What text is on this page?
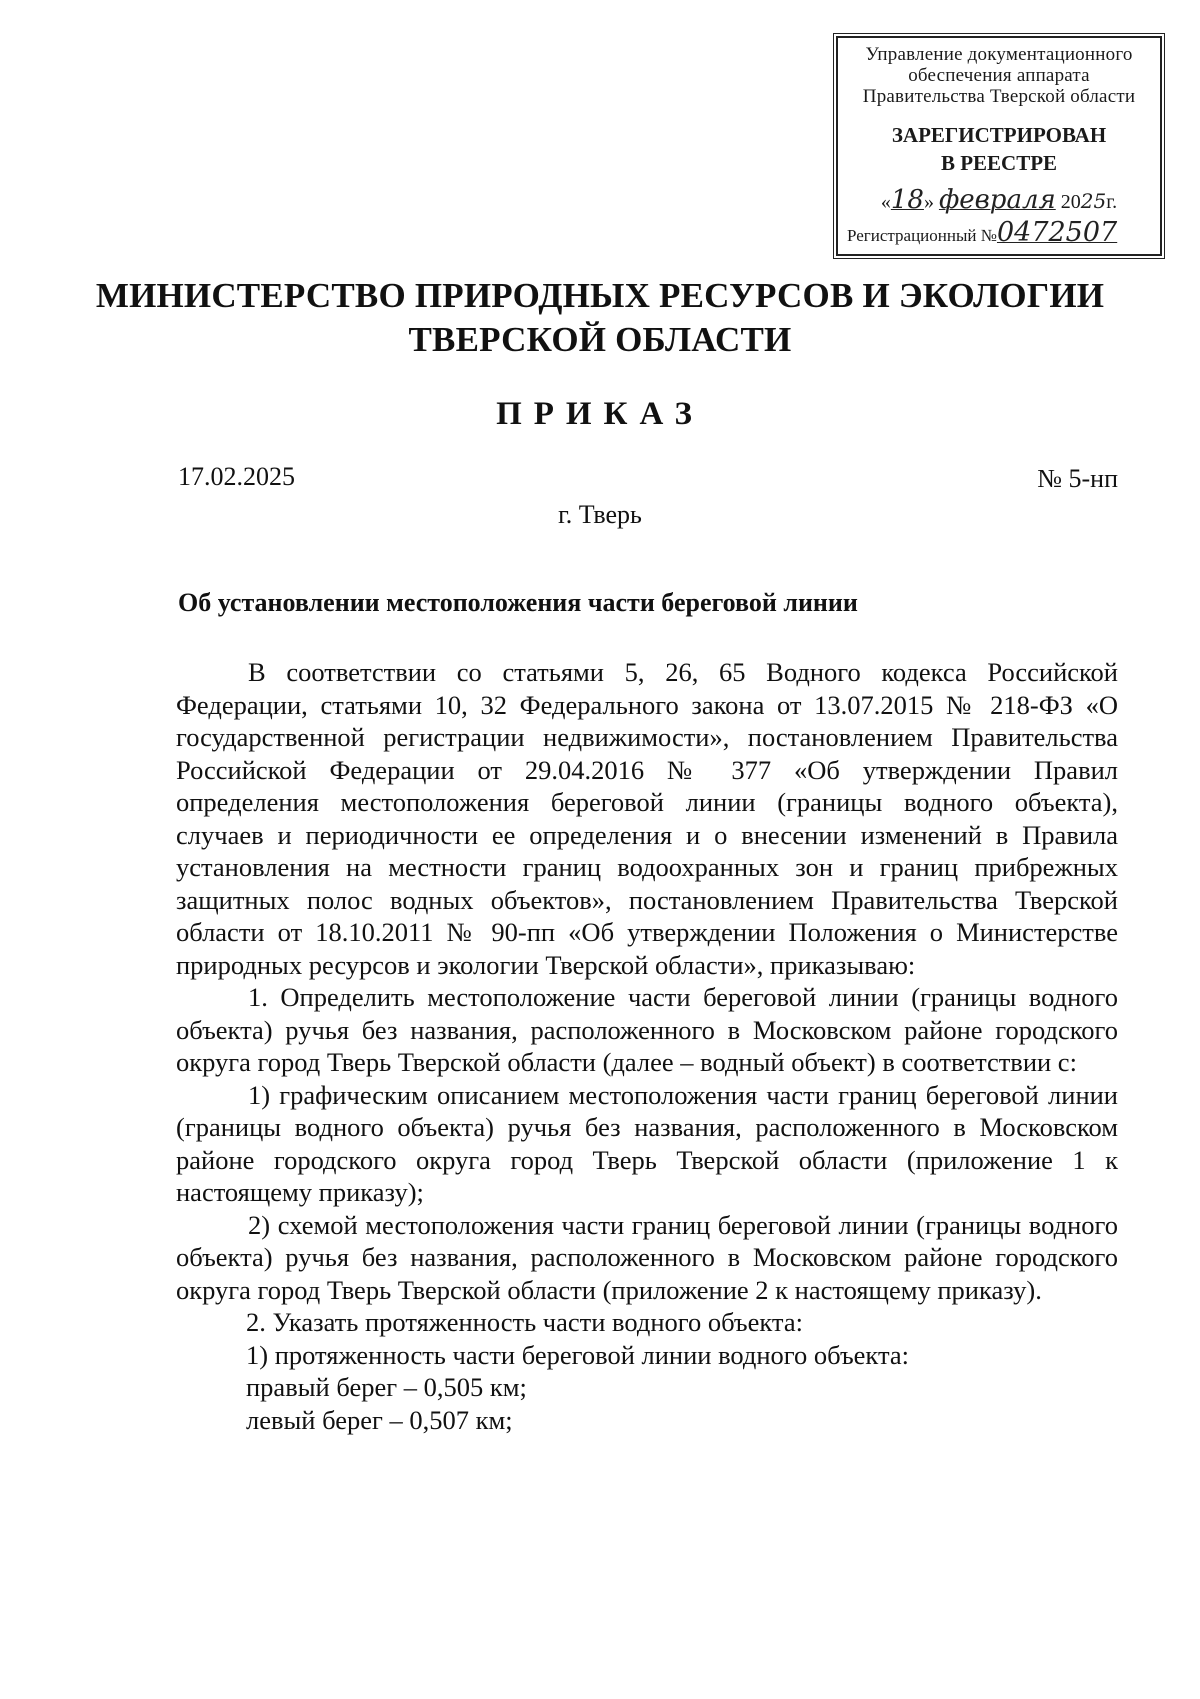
Управление документационного
обеспечения аппарата
Правительства Тверской области
ЗАРЕГИСТРИРОВАН
В РЕЕСТРЕ
«18» февраля 2025г.
Регистрационный №0472507
МИНИСТЕРСТВО ПРИРОДНЫХ РЕСУРСОВ И ЭКОЛОГИИ
ТВЕРСКОЙ ОБЛАСТИ
ПРИКАЗ
17.02.2025	№ 5-нп
г. Тверь
Об установлении местоположения части береговой линии

В соответствии со статьями 5, 26, 65 Водного кодекса Российской Федерации, статьями 10, 32 Федерального закона от 13.07.2015 № 218-ФЗ «О государственной регистрации недвижимости», постановлением Правительства Российской Федерации от 29.04.2016 № 377 «Об утверждении Правил определения местоположения береговой линии (границы водного объекта), случаев и периодичности ее определения и о внесении изменений в Правила установления на местности границ водоохранных зон и границ прибрежных защитных полос водных объектов», постановлением Правительства Тверской области от 18.10.2011 № 90-пп «Об утверждении Положения о Министерстве природных ресурсов и экологии Тверской области», приказываю:

1. Определить местоположение части береговой линии (границы водного объекта) ручья без названия, расположенного в Московском районе городского округа город Тверь Тверской области (далее – водный объект) в соответствии с:

1) графическим описанием местоположения части границ береговой линии (границы водного объекта) ручья без названия, расположенного в Московском районе городского округа город Тверь Тверской области (приложение 1 к настоящему приказу);

2) схемой местоположения части границ береговой линии (границы водного объекта) ручья без названия, расположенного в Московском районе городского округа город Тверь Тверской области (приложение 2 к настоящему приказу).

2. Указать протяженность части водного объекта:

1) протяженность части береговой линии водного объекта:

правый берег – 0,505 км;

левый берег – 0,507 км;
